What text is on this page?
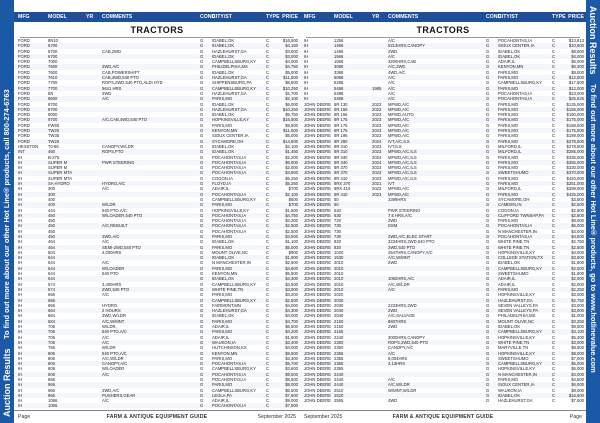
Auction Results
To find out more about our other Hot Line® products, call 800-274-6763
MFG	MODEL	YR	COMMENTS	COND
CITY/ST	TYPE PRICE
TRACTORS
FORD	8N10	G	IDABEL,OK	C	$16,500
FORD	6700	G	IDABEL,OK	C	$4,150
FORD	6700	CAB,2WD	G	HAZLEHURST,GA	C	$3,000
FORD	6700	G	IDABEL,OK	C	$3,000
FORD	7000	G	CAMPBELLSBURG,KY	C	$4,000
FORD	7600	2WD,A/C	G	PHILIDELPHIA,MS	C	$4,750
FORD	7600	CAB,POWERSHIFT	G	IDABEL,OK	C	$5,000
FORD	7610	CAB,4WD,540 PTO	G	HAZLEHURST,GA	C	$11,500
FORD	7700	ROPS,2WD,540 PTO,ALDI HYD	G	SHIPPENSBURG,PA	C	$8,600
FORD	7700	5641 HRS	G	CAMPBELLSBURG,KY	C	$10,250
FORD	8N	2WD	G	HAZLEHURST,GA	C	$2,700
FORD	8600	A/C	G	PARIS,MO	C	$2,100
FORD	8700	G	IDABEL,OK	C	$6,000
FORD	8700	G	HAZLEHURST,GA	C	$10,250
FORD	9000	G	IDABEL,OK	C	$5,750
FORD	9700	A/C,CAB,4WD,540 PTO	G	HOPKINSVILLE,KY	C	$16,500
FORD	FW60	G	PARIS,MO	C	$9,500
FORD	TW20	G	KENYON,MN	C	$11,500
FORD	TW35	G	SIOUX CENTER,IA	C	$5,000
FORD	TW25	G	SYCAMORE,OH	C	$14,500
HESSTON	70-66	CANOPY,W/LDR	G	IDABEL,OK	C	$2,100
INT	460	ROPS,PTO	G	IDABEL,OK	C	$1,450
IH	B-275	G	POCAHONTAS,IA	C	$2,200
IH	SUPER M	PWR STEERING	G	POCAHONTAS,IA	C	$6,000
IH	SUPER M	G	POCAHONTAS,IA	C	$2,000
IH	SUPER MTA	G	POCAHONTAS,IA	C	$3,800
IH	SUPER MTA	G	COGON,IA	C	$5,250
IH	SA HYDRO	HYDRO,A/C	G	FLOYD,IA	C	$5,250
IH	300	A/C	G	ADAIR,IL	C	$700
IH	300	G	POCAHONTAS,IA	C	$2,100
IH	400	G	CAMPBELLSBURG,KY	C	$600
IH	400	W/LDR	G	PARIS,MO	C	$700
IH	444	540 PTO,A/C	G	HOPKINSVILLE,KY	C	$1,500
IH	450	W/LOADER,540 PTO	G	POCAHONTAS,IA	C	$4,750
IH	450	G	POCAHONTAS,IA	C	$3,300
IH	450	A/C,REBUILT	G	POCAHONTAS,IA	C	$2,500
IH	450	G	POCAHONTAS,IA	C	$2,500
IH	450	2WD,A/C	G	PARIS,MO	C	$3,500
IH	464	A/C	G	IDABEL,OK	C	$1,100
IH	464	SEMI-2WD,540 PTO	G	PARIS,MO	C	$5,000
IH	504	4,000HRS	G	MOUNT OLIVE,NC	C	$900
IH	544	G	IDABEL,OK	C	$1,900
IH	544	A/C	G	N MANCHESTER,IN	C	$2,600
IH	544	W/LOADER	G	PARIS,MO	C	$4,600
IH	544	540 PTO	G	KENYON,MN	C	$5,500
IH	544	G	IDABEL,OK	C	$4,300
IH	574	3,400HRS	G	CAMPBELLSBURG,KY	C	$3,500
IH	574	2WD,540 PTO	G	WHITE PINE,TN	C	$3,000
IH	656	A/C	G	PARIS,MO	C	$3,200
IH	656	G	CAMPBELLSBURG,KY	C	$2,500
IH	656	HYDRO	G	FAIRMONT,MN	C	$4,000
IH	664	2 HOURS	G	HAZLEHURST,GA	C	$4,300
IH	664	2WD,W/LDR	G	IDABEL,OK	C	$4,000
IH	684	A/C,W/MNT	G	PARIS,MO	C	$4,700
IH	706	W/LDR,	G	ADAIR,IL	C	$6,500
IH	706	540 PTO,A/C	G	PARIS,MO	C	$4,200
IH	706	A/C	G	ADAIR,IL	C	$1,600
IH	706	A/C	G	WAUKON,IA	C	$3,400
IH	756	W/LDR	G	HUTCHINSON,KS	C	$4,000
IH	806	540 PTO,A/C	G	KENYON,MN	C	$8,500
IH	806	A/C,W/LDR	G	PARIS,MO	C	$3,300
IH	806	CANOPY,A/C	G	POCAHONTAS,IA	C	$5,700
IH	806	W/LOADER	G	CAMPBELLSBURG,KY	C	$3,600
IH	806	A/C	G	POCAHONTAS,IA	C	$9,500
IH	856	G	POCAHONTAS,IA	C	$8,500
IH	966	G	PARIS,MO	C	$8,000
IH	966	2WD,A/C	G	CAMPBELLSBURG,KY	C	$6,500
IH	966	PUSHERS,GEAR	G	LEOLA,PA	C	$7,600
IH	1066	A/C	G	ADAIR,IL	C	$9,000
IH	1066	G	POCAHONTAS,IA	C	$7,500
Page	FARM & ANTIQUE EQUIPMENT GUIDE	September 2025
MFG	MODEL	YR	COMMENTS	COND
CITY/ST	TYPE PRICE
TRACTORS
IH	1256	A/C	G	POCAHONTAS,IA	C	$13,813
IH	1466	5213HRS,CANOPY	G	SIOUX CENTER,IA	C	$10,500
IH	1486	2WD	G	IDABEL,OK	C	$8,000
IH	1566	A/C	G	IDABEL,OK	C	$4,000
IH	1566	3200HRS,CAB	G	ADAIR,IL	C	$5,000
IH	3088	A/C,2WD	G	KENYON,MN	C	$6,300
IH	3388	4WD,A/C	G	PARIS,MO	C	$8,000
IH	5088	A/C	G	PARIS,MO	C	$12,500
IH	5288	A/C	G	CAMPBELLSBURG,KY	C	$17,500
IH	5488	1985	A/C	G	PARIS,MO	C	$12,000
IH	5488	A/C	G	POCAHONTAS,IA	C	$23,000
IH	5488	A/C	G	POCAHONTAS,IA	C	$25,625
JOHN DEERE 6R 130	2023	MFWD,A/C	G	PARIS,MO	C	$135,000
JOHN DEERE 6R 155	2022	MFWD,A/C	G	PARIS,MO	C	$155,000
JOHN DEERE 6R 155	2022	MFWD,AUTO	G	PARIS,MO	C	$160,000
JOHN DEERE 6R 175	2023	MFWD,A/C	G	PARIS,MO	C	$175,000
JOHN DEERE 6R 175	2023	MFWD,A/C	G	PARIS,MO	C	$168,500
JOHN DEERE 6R 175	2023	MFWD,A/C	G	PARIS,MO	C	$175,500
JOHN DEERE 6R 195	2023	MFWD,A/C	G	PARIS,MO	C	$189,000
JOHN DEERE 8R 280	2024	IVT,A/C,ILS	G	PARIS,MO	C	$278,500
JOHN DEERE 8R 310	2023	IVT,ILS	G	MILFORD,IL	C	$278,500
JOHN DEERE 8R 310	2023	MFWD,A/C,ILS	G	MILFORD,IL	C	$285,000
JOHN DEERE 8R 340	2024	MFWD,A/C,ILS	G	PARIS,MO	C	$335,000
JOHN DEERE 8R 340	2024	MFWD,A/C,ILS	G	PARIS,MO	C	$355,000
JOHN DEERE 8R 370	2023	MFWD,A/C,ILS	G	PARIS,MO	C	$330,000
JOHN DEERE 8R 370	2023	MFWD,A/C,ILS	G	SWEETSHUMO	C	$370,000
JOHN DEERE 8R 410	2023	MFWD,A/C,ILS	G	PARIS,MO	C	$420,000
JOHN DEERE 8RX 370	2021	IVT	G	PARIS,MO	C	$251,000
JOHN DEERE 8RX 410	2023	MFWD,A/C	G	MILFORD,IL	C	$399,000
JOHN DEERE 8R 410	2023	MFWD,A/C	G	PARIS,MO	C	$425,000
JOHN DEERE 50	3399HRS	G	SYCAMORE,OH	C	$3,500
JOHN DEERE 60	G	CAMDEN,IN	C	$2,500
JOHN DEERE 520	PWR STEERING	G	COGON,IA	C	$2,500
JOHN DEERE 630	7.5 HRS,A/C	G	CLIFFORD TWNSHP,PA	C	$2,800
JOHN DEERE 720	2WD	G	PARIS,MO	C	$8,000
JOHN DEERE 730	DSM	G	POCAHONTAS,IA	C	$6,000
JOHN DEERE 730	G	N MANCHESTER,IN	C	$4,000
JOHN DEERE 730	2WD,A/C,ELEC START	G	POCAHONTAS,IA	C	$4,500
JOHN DEERE 820	3234HRS,2WD,540 PTO	G	WHITE PINE,TN	C	$2,750
JOHN DEERE 820	2WD,540 PTO	G	WHITE PINE,TN	C	$2,500
JOHN DEERE 1020	2547HRS,CANOPY,A/C	G	HOPKINSVILLE,KY	C	$4,000
JOHN DEERE 1530	A/C,W/MNT	G	COLLEGE STATION,TX	C	$3,500
JOHN DEERE 2010	2WD	G	IDABEL,OK	C	$1,800
JOHN DEERE 2010	G	CAMPBELLSBURG,KY	C	$2,500
JOHN DEERE 2010	G	SWEETSHUMO	C	$1,800
JOHN DEERE 2010	1082HRS,A/C	G	ADAIR,IL	C	$2,000
JOHN DEERE 2010	A/C,W/LDR	G	ADAIR,IL	C	$2,000
JOHN DEERE 2010	A/C	G	PARIS,MO	C	$2,250
JOHN DEERE 2020	G	HOPKINSVILLE,KY	C	$3,000
JOHN DEERE 2030	G	HAZLEHURST,GA	C	$2,750
JOHN DEERE 2030	2233HRS,2WD	G	SEVEN VALLEYS,PA	C	$3,000
JOHN DEERE 2040	2WD	G	SEVEN VALLEYS,PA	C	$3,000
JOHN DEERE 2040	A/C,SALVAGE	G	PHILADELPHIA,MS	C	$1,000
JOHN DEERE 2150	8607HRS	G	MOUNT OLIVE,NC	C	$3,250
JOHN DEERE 2150	2WD	G	IDABEL,OK	C	$8,500
JOHN DEERE 2155	G	CAMPBELLSBURG,KY	C	$3,100
JOHN DEERE 2240	3000HRS,CANOPY	G	HOPKINSVILLE,KY	C	$5,300
JOHN DEERE 2350	ROPS,2WD,540 PTO	G	WHITE PINE,TN	C	$3,000
JOHN DEERE 2350	CANOPY,A/C	G	MARYVILLE,TN	C	$8,500
JOHN DEERE 2355	A/C	G	HOPKINSVILLE,KY	C	$8,000
JOHN DEERE 2355	5,004HRS	G	SWEETSHUMO	C	$7,000
JOHN DEERE 2355	3,13HRS	G	CAMPBELLSBURG,KY	C	$5,000
JOHN DEERE 2355	G	HOPKINSVILLE,KY	C	$6,000
JOHN DEERE 2440	G	N MANCHESTER,IN	C	$4,000
JOHN DEERE 2440	A/C	G	PARIS,MO	C	$4,500
JOHN DEERE 2440	A/C,W/LDR	G	SIOUX CENTER,IA	C	$6,000
JOHN DEERE 2510	W/MNT,W/LDR	G	WAUKON,IA	C	$9,000
JOHN DEERE 2520	G	IDABEL,OK	C	$16,600
JOHN DEERE 2555	4WD	G	HAZLEHURST,GA	C	$7,500
September 2025	FARM & ANTIQUE EQUIPMENT GUIDE	Page
Auction Results
To find out more about our other Hot Line® products, go to www.hotlinevalue.com
